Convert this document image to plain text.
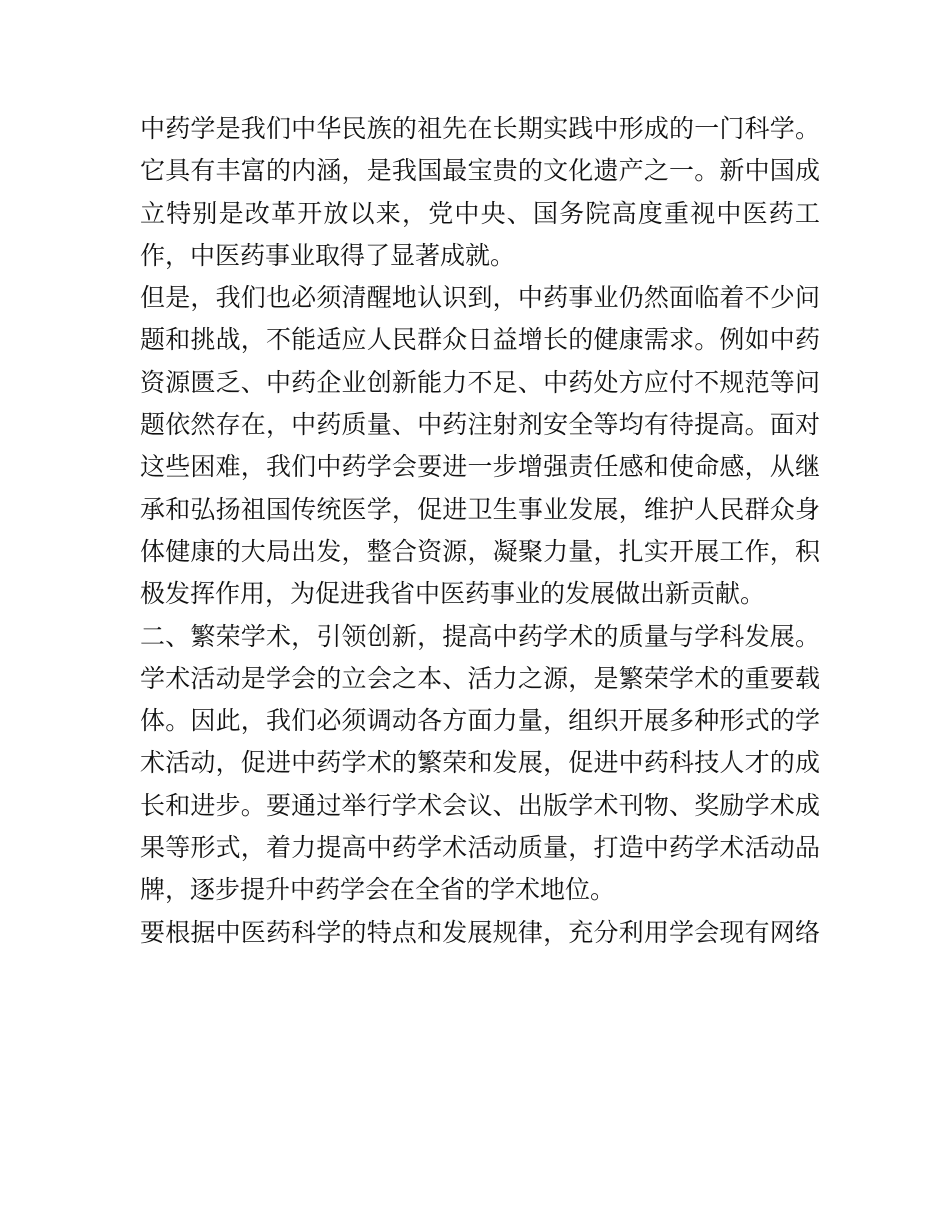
中药学是我们中华民族的祖先在长期实践中形成的一门科学。
它具有丰富的内涵，是我国最宝贵的文化遗产之一。新中国成
立特别是改革开放以来，党中央、国务院高度重视中医药工
作，中医药事业取得了显著成就。
但是，我们也必须清醒地认识到，中药事业仍然面临着不少问
题和挑战，不能适应人民群众日益增长的健康需求。例如中药
资源匮乏、中药企业创新能力不足、中药处方应付不规范等问
题依然存在，中药质量、中药注射剂安全等均有待提高。面对
这些困难，我们中药学会要进一步增强责任感和使命感，从继
承和弘扬祖国传统医学，促进卫生事业发展，维护人民群众身
体健康的大局出发，整合资源，凝聚力量，扎实开展工作，积
极发挥作用，为促进我省中医药事业的发展做出新贡献。
二、繁荣学术，引领创新，提高中药学术的质量与学科发展。
学术活动是学会的立会之本、活力之源，是繁荣学术的重要载
体。因此，我们必须调动各方面力量，组织开展多种形式的学
术活动，促进中药学术的繁荣和发展，促进中药科技人才的成
长和进步。要通过举行学术会议、出版学术刊物、奖励学术成
果等形式，着力提高中药学术活动质量，打造中药学术活动品
牌，逐步提升中药学会在全省的学术地位。
要根据中医药科学的特点和发展规律，充分利用学会现有网络
